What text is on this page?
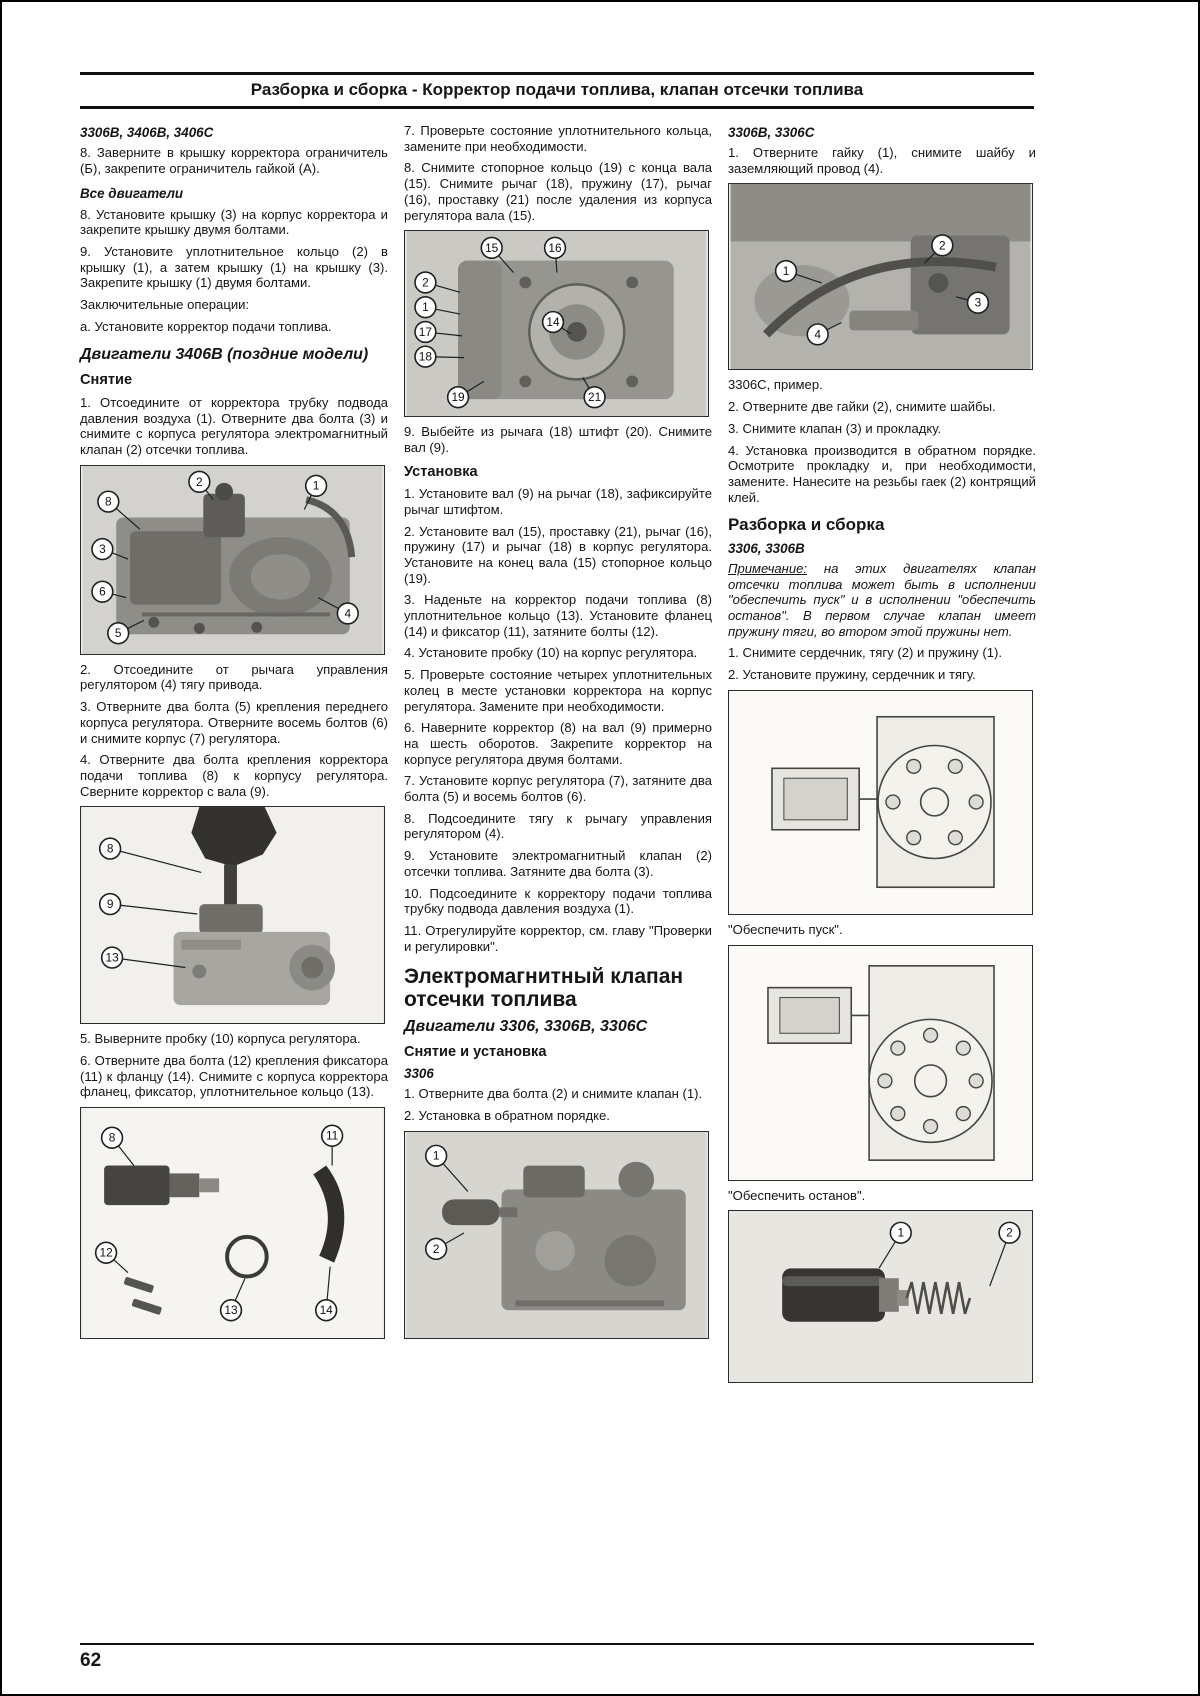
Разборка и сборка - Корректор подачи топлива, клапан отсечки топлива
3306B, 3406B, 3406C

8. Заверните в крышку корректора ограничитель (Б), закрепите ограничитель гайкой (А).

Все двигатели

8. Установите крышку (3) на корпус корректора и закрепите крышку двумя болтами.

9. Установите уплотнительное кольцо (2) в крышку (1), а затем крышку (1) на крышку (3). Закрепите крышку (1) двумя болтами.

Заключительные операции:

а. Установите корректор подачи топлива.

Двигатели 3406В (поздние модели)
Снятие

1. Отсоедините от корректора трубку подвода давления воздуха (1). Отверните два болта (3) и снимите с корпуса регулятора электромагнитный клапан (2) отсечки топлива.

8
2	1
3
6
4
5

2. Отсоедините от рычага управления регулятором (4) тягу привода.

3. Отверните два болта (5) крепления переднего корпуса регулятора. Отверните восемь болтов (6) и снимите корпус (7) регулятора.

4. Отверните два болта крепления корректора подачи топлива (8) к корпусу регулятора. Сверните корректор с вала (9).

8
9
13

5. Выверните пробку (10) корпуса регулятора.

6. Отверните два болта (12) крепления фиксатора (11) к фланцу (14). Снимите с корпуса корректора фланец, фиксатор, уплотнительное кольцо (13).

8	11
12
13	14

7. Проверьте состояние уплотнительного кольца, замените при необходимости.

8. Снимите стопорное кольцо (19) с конца вала (15). Снимите рычаг (18), пружину (17), рычаг (16), проставку (21) после удаления из корпуса регулятора вала (15).

15	16
2
1
17
18
14
19	21

9. Выбейте из рычага (18) штифт (20). Снимите вал (9).

Установка

1. Установите вал (9) на рычаг (18), зафиксируйте рычаг штифтом.

2. Установите вал (15), проставку (21), рычаг (16), пружину (17) и рычаг (18) в корпус регулятора. Установите на конец вала (15) стопорное кольцо (19).

3. Наденьте на корректор подачи топлива (8) уплотнительное кольцо (13). Установите фланец (14) и фиксатор (11), затяните болты (12).

4. Установите пробку (10) на корпус регулятора.

5. Проверьте состояние четырех уплотнительных колец в месте установки корректора на корпус регулятора. Замените при необходимости.

6. Наверните корректор (8) на вал (9) примерно на шесть оборотов. Закрепите корректор на корпусе регулятора двумя болтами.

7. Установите корпус регулятора (7), затяните два болта (5) и восемь болтов (6).

8. Подсоедините тягу к рычагу управления регулятором (4).

9. Установите электромагнитный клапан (2) отсечки топлива. Затяните два болта (3).

10. Подсоедините к корректору подачи топлива трубку подвода давления воздуха (1).

11. Отрегулируйте корректор, см. главу "Проверки и регулировки".

Электромагнитный клапан отсечки топлива
Двигатели 3306, 3306В, 3306С
Снятие и установка
3306

1. Отверните два болта (2) и снимите клапан (1).

2. Установка в обратном порядке.

1
2
3306B, 3306C

1. Отверните гайку (1), снимите шайбу и заземляющий провод (4).

1
2
3
4

3306C, пример.

2. Отверните две гайки (2), снимите шайбы.

3. Снимите клапан (3) и прокладку.

4. Установка производится в обратном порядке. Осмотрите прокладку и, при необходимости, замените. Нанесите на резьбы гаек (2) контрящий клей.

Разборка и сборка
3306, 3306В

Примечание: на этих двигателях клапан отсечки топлива может быть в исполнении "обеспечить пуск" и в исполнении "обеспечить останов". В первом случае клапан имеет пружину тяги, во втором этой пружины нет.

1. Снимите сердечник, тягу (2) и пружину (1).

2. Установите пружину, сердечник и тягу.

"Обеспечить пуск".

"Обеспечить останов".

1	2
62
